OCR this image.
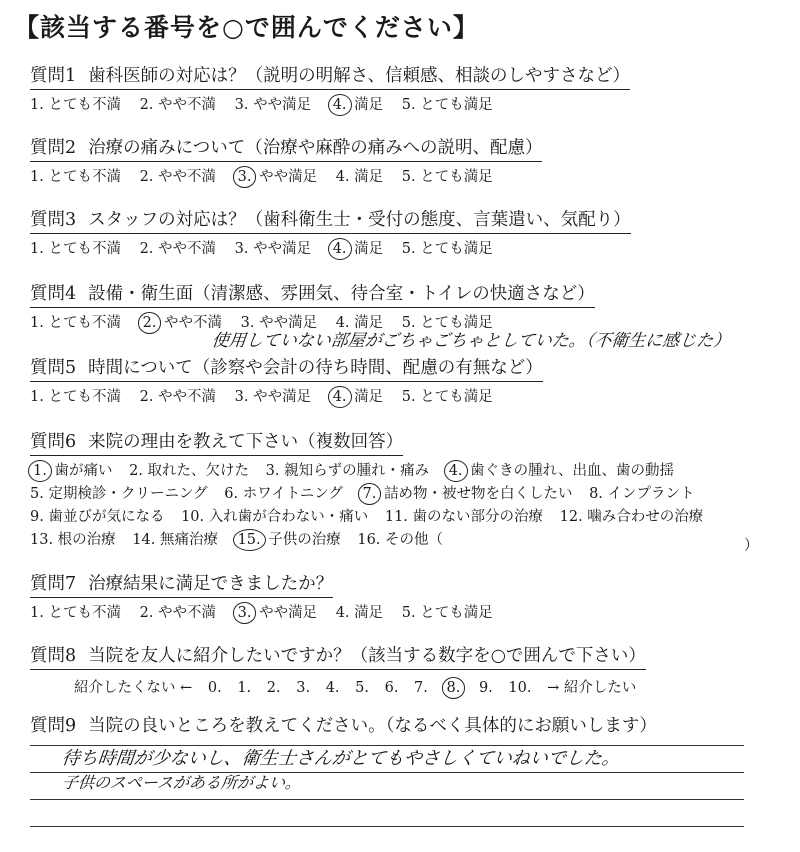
【該当する番号を○で囲んでください】
質問1 歯科医師の対応は？（説明の明解さ、信頼感、相談のしやすさなど）
1. とても不満 2. やや不満 3. やや満足 4. 満足 5. とても満足
質問2 治療の痛みについて（治療や麻酔の痛みへの説明、配慮）
1. とても不満 2. やや不満 3. やや満足 4. 満足 5. とても満足
質問3 スタッフの対応は？（歯科衛生士・受付の態度、言葉遣い、気配り）
1. とても不満 2. やや不満 3. やや満足 4. 満足 5. とても満足
質問4 設備・衛生面（清潔感、雰囲気、待合室・トイレの快適さなど）
1. とても不満 2. やや不満 3. やや満足 4. 満足 5. とても満足
使用していない部屋がごちゃごちゃとしていた。（不衛生に感じた）
質問5 時間について（診察や会計の待ち時間、配慮の有無など）
1. とても不満 2. やや不満 3. やや満足 4. 満足 5. とても満足
質問6 来院の理由を教えて下さい（複数回答）
1. 歯が痛い 2. 取れた、欠けた 3. 親知らずの腫れ・痛み 4. 歯ぐきの腫れ、出血、歯の動揺
5. 定期検診・クリーニング 6. ホワイトニング 7. 詰め物・被せ物を白くしたい 8. インプラント
9. 歯並びが気になる 10. 入れ歯が合わない・痛い 11. 歯のない部分の治療 12. 噛み合わせの治療
13. 根の治療 14. 無痛治療 15. 子供の治療 16. その他（	）
質問7 治療結果に満足できましたか？
1. とても不満 2. やや不満 3. やや満足 4. 満足 5. とても満足
質問8 当院を友人に紹介したいですか？（該当する数字を○で囲んで下さい）
紹介したくない ← 0. 1. 2. 3. 4. 5. 6. 7. 8. 9. 10. → 紹介したい
質問9 当院の良いところを教えてください。（なるべく具体的にお願いします）
待ち時間が少ないし、衛生士さんがとてもやさしくていねいでした。
子供のスペースがある所がよい。
